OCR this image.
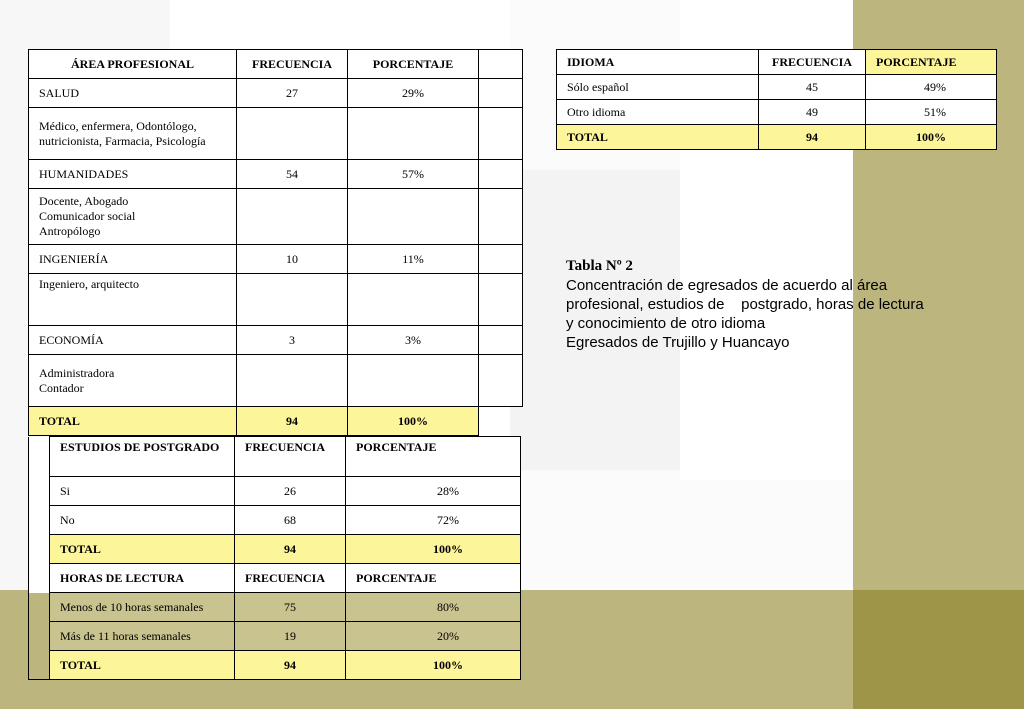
ÁREA PROFESIONAL	FRECUENCIA	PORCENTAJE	
SALUD	27	29%	
Médico, enfermera, Odontólogo, nutricionista, Farmacia, Psicología			
HUMANIDADES	54	57%	
Docente, Abogado Comunicador social Antropólogo			
INGENIERÍA	10	11%	
Ingeniero, arquitecto			
ECONOMÍA	3	3%	
Administradora Contador			
TOTAL	94	100%	
	ESTUDIOS DE POSTGRADO	FRECUENCIA	PORCENTAJE
	Si	26	28%
	No	68	72%
	TOTAL	94	100%
	HORAS DE LECTURA	FRECUENCIA	PORCENTAJE
	Menos de 10 horas semanales	75	80%
	Más de 11 horas semanales	19	20%
	TOTAL	94	100%
IDIOMA	FRECUENCIA	PORCENTAJE
Sólo español	45	49%
Otro idioma	49	51%
TOTAL	94	100%
Tabla Nº 2
Concentración de egresados de acuerdo al área
profesional, estudios de    postgrado, horas de lectura
y conocimiento de otro idioma
Egresados de Trujillo y Huancayo
